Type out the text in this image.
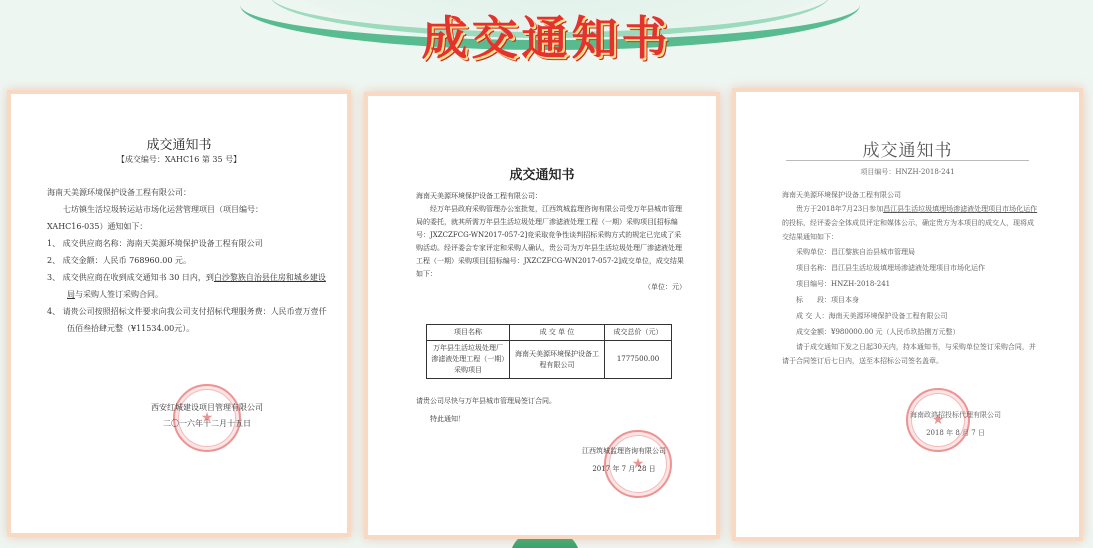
成交通知书
成交通知书
【成交编号：XAHC16 第 35 号】

海南天美源环境保护设备工程有限公司：

七坊镇生活垃圾转运站市场化运营管理项目（项目编号：

XAHC16-035）通知如下：

1、 成交供应商名称：海南天美源环境保护设备工程有限公司

2、 成交金额：人民币 768960.00 元。

3、 成交供应商在收到成交通知书 30 日内，到白沙黎族自治县住房和城乡建设局与采购人签订采购合同。

4、 请贵公司按照招标文件要求向我公司支付招标代理服务费：人民币壹万壹仟伍佰叁拾肆元整（¥11534.00元）。

★
西安红城建设项目管理有限公司
二〇一六年十二月十五日
成交通知书

海南天美源环境保护设备工程有限公司：

经万年县政府采购管理办公室批复，江西筑城监理咨询有限公司受万年县城市管理局的委托，就其所需万年县生活垃圾处理厂渗滤液处理工程（一期）采购项目[招标编号：JXZCZFCG-WN2017-057-2]竞采取竞争性谈判招标采购方式的规定已完成了采购活动。经评委会专家评定和采购人确认，贵公司为万年县生活垃圾处理厂渗滤液处理工程（一期）采购项目[招标编号：JXZCZFCG-WN2017-057-2]成交单位，成交结果如下：

（单位：元）

项目名称	成 交 单 位	成交总价（元）
万年县生活垃圾处理厂渗滤液处理工程（一期）采购项目	海南天美源环境保护设备工程有限公司	1777500.00

请贵公司尽快与万年县城市管理局签订合同。

特此通知！

★
江西筑城监理咨询有限公司
2017 年 7 月 28 日
成交通知书
项目编号：HNZH-2018-241

海南天美源环境保护设备工程有限公司

贵方于2018年7月23日参加昌江县生活垃圾填埋场渗滤液处理项目市场化运作的投标，经评委会全体成员评定和媒体公示，确定贵方为本项目的成交人，现将成交结果通知如下：

采购单位：昌江黎族自治县城市管理局

项目名称：昌江县生活垃圾填埋场渗滤液处理项目市场化运作

项目编号：HNZH-2018-241

标　　段：项目本身

成 交 人：海南天美源环境保护设备工程有限公司

成交金额：¥980000.00 元（人民币玖拾捌万元整）

请于成交通知下发之日起30天内，持本通知书，与采购单位签订采购合同，并请于合同签订后七日内，送至本招标公司签名盖章。

★
海南政鸿招投标代理有限公司
2018 年 8 月 7 日
